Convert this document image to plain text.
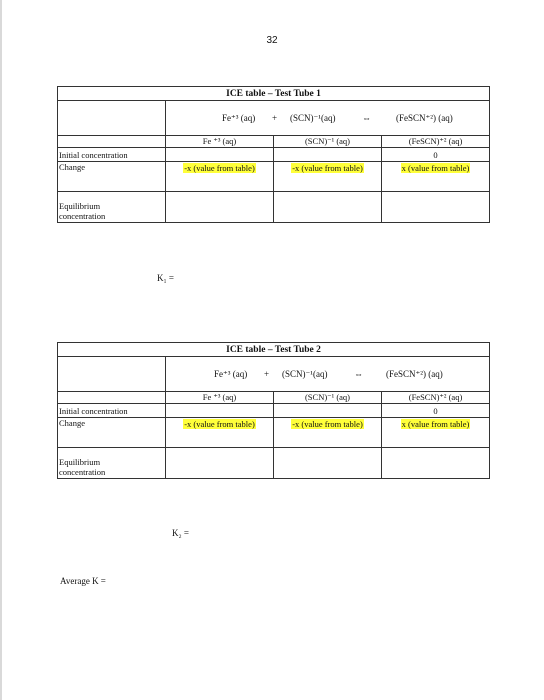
32
ICE table – Test Tube 1			

	Fe⁺³ (aq) + (SCN)⁻¹(aq) ⇔ (FeSCN⁺²) (aq)		

	Fe ⁺³ (aq)	(SCN)⁻¹ (aq)	(FeSCN)⁺² (aq)
Initial concentration			0
Change	-x (value from table)	-x (value from table)	x (value from table)
Equilibrium
concentration			
K₁ =
ICE table – Test Tube 2			

	Fe⁺³ (aq) + (SCN)⁻¹(aq) ⇔ (FeSCN⁺²) (aq)		

	Fe ⁺³ (aq)	(SCN)⁻¹ (aq)	(FeSCN)⁺² (aq)
Initial concentration			0
Change	-x (value from table)	-x (value from table)	x (value from table)
Equilibrium
concentration			
K₂ =
Average K =
